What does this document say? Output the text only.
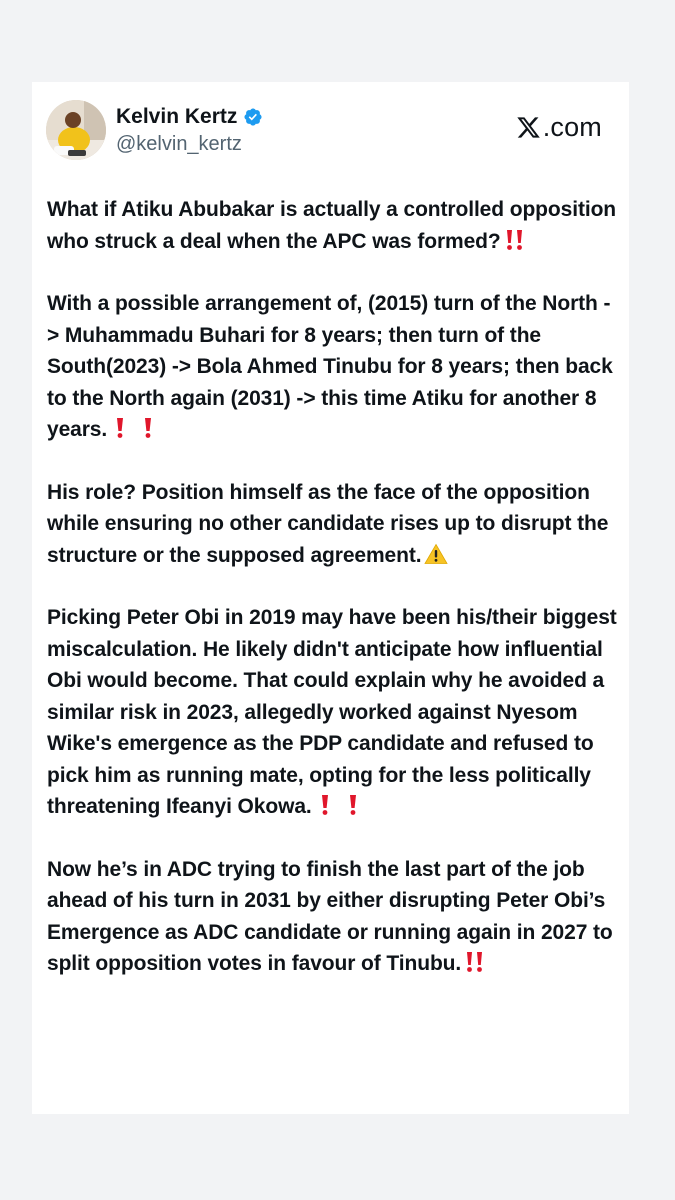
Kelvin Kertz
@kelvin_kertz
.com

What if Atiku Abubakar is actually a controlled opposition who struck a deal when the APC was formed?

With a possible arrangement of, (2015) turn of the North -> Muhammadu Buhari for 8 years; then turn of the South(2023) -> Bola Ahmed Tinubu for 8 years; then back to the North again (2031) -> this time Atiku for another 8 years.

His role? Position himself as the face of the opposition while ensuring no other candidate rises up to disrupt the structure or the supposed agreement.

Picking Peter Obi in 2019 may have been his/their biggest miscalculation. He likely didn't anticipate how influential Obi would become. That could explain why he avoided a similar risk in 2023, allegedly worked against Nyesom Wike's emergence as the PDP candidate and refused to pick him as running mate, opting for the less politically threatening Ifeanyi Okowa.

Now he’s in ADC trying to finish the last part of the job ahead of his turn in 2031 by either disrupting Peter Obi’s Emergence as ADC candidate or running again in 2027 to split opposition votes in favour of Tinubu.
